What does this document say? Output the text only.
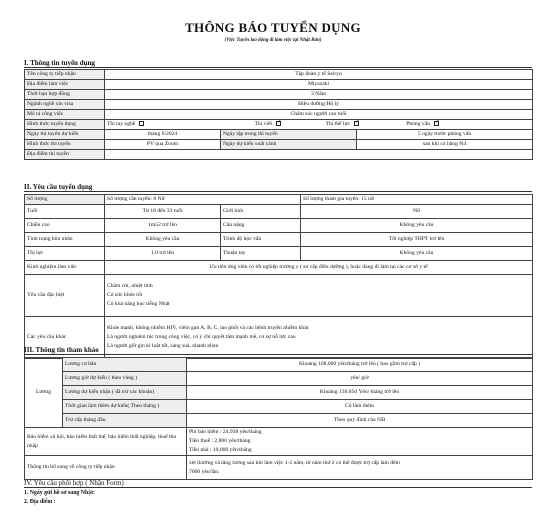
THÔNG BÁO TUYỂN DỤNG
(Việc Tuyển lao động đi làm việc tại Nhật Bản)
I. Thông tin tuyển dụng
Tên công ty tiếp nhận	Tập đoàn y tế Seiryo		
Địa điểm làm việc	Miyazaki		
Thời hạn hợp đồng	3 Năm		
Ngành nghề xin visa	Điều dưỡng/Hộ lý		
Mô tả công việc	Chăm sóc người cao tuổi		
Hình thức tuyển dụng	Thi tay nghề Thi viết ✓ Thi thể lực ✓ Phỏng vấn✓
Ngày thi tuyển dự kiến	tháng 6/2024	Ngày tập trung thi tuyển	5 ngày trước phỏng vấn
Hình thức thi tuyển	PV qua Zoom	Ngày dự kiến xuất cảnh	sau khi có bằng N4
Địa điểm thi tuyển			
II. Yêu cầu tuyển dụng
Số lượng	Số lượng cần tuyển: 8 Nữ		Số lượng tham gia tuyển: 15 nữ
Tuổi	Từ 18 đến 33 tuổi	Giới tính	Nữ
Chiều cao	1m52 trở lên	Cân nặng	Không yêu cầu
Tình trạng hôn nhân	Không yêu cầu	Trình độ học vấn	Tốt nghiệp THPT trở lên
Thị lực	1.0 trở lên	Thuận tay	Không yêu cầu
Kinh nghiệm làm việc	Ưu tiên ứng viên có tốt nghiệp trường y ( sơ cấp điều dưỡng ), hoặc đang đi làm tại các cơ sở y tế		
Yêu cầu đặc biệt	Chăm chỉ, nhiệt tình
Có sức khỏe tốt
Có khả năng học tiếng Nhật		

Các yêu cầu khác	Khỏe mạnh, không nhiễm HIV, viêm gan A, B, C, lao phổi và các bệnh truyền nhiễm khác
Là người nghiêm túc trong công việc, có ý chí quyết tâm mạnh mẽ, có sự nỗ lực cao
Là người giữ gìn kỉ luật tốt, sáng suả, nhanh nhẹn		
III. Thông tin tham khảo
Lương	Lương cơ bản	Khoảng 168.000 yên/tháng trở lên ( bao gồm trợ cấp )
	Lương giờ dự kiến ( theo vùng )	yên/ giờ
	Lương dự kiến nhận ( đã trừ các khoản)	Khoảng 130.650 Yên/ tháng trở lên
	Thời gian làm thêm dự kiến( Theo tháng )	Có làm thêm
	Trợ cấp tháng đầu	Theo quy định của NĐ

Bảo hiểm xã hội, bảo hiểm thất thế, bảo hiểm thất nghiệp, thuế thu nhập		Phí bảo hiểm : 24,938 yên/tháng
Tiền thuế : 2,800 yên/tháng
Tiền nhà : 10,000 yên/tháng

Thông tin bổ sung về công ty tiếp nhận		xét thưởng và tăng lương sau khi làm việc 1-2 năm, từ năm thứ 2 có thể được trợ cấp làm đêm
7000 yên/lần.
IV. Yêu cầu phối hợp ( Nhận Form)
1. Ngày gửi hồ sơ sang Nhật:
2. Địa điểm :
